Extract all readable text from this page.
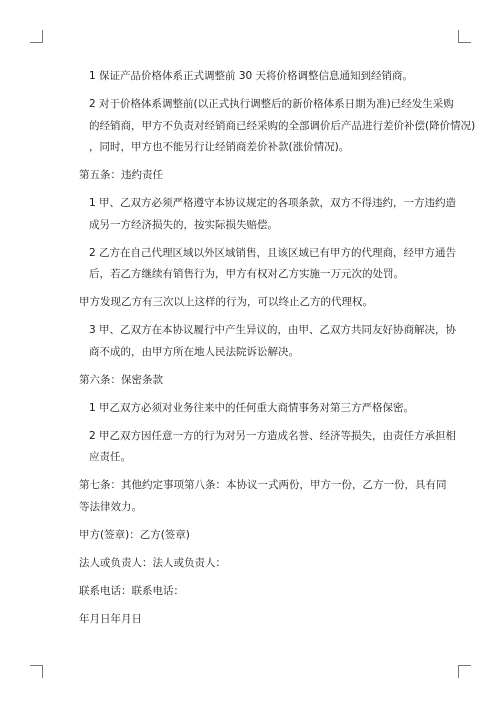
1 保证产品价格体系正式调整前 30 天将价格调整信息通知到经销商。

2 对于价格体系调整前(以正式执行调整后的新价格体系日期为准)已经发生采购
的经销商，甲方不负责对经销商已经采购的全部调价后产品进行差价补偿(降价情况)
，同时，甲方也不能另行让经销商差价补款(涨价情况)。

第五条：违约责任

1 甲、乙双方必须严格遵守本协议规定的各项条款，双方不得违约，一方违约造
成另一方经济损失的，按实际损失赔偿。

2 乙方在自己代理区域以外区域销售，且该区域已有甲方的代理商，经甲方通告
后，若乙方继续有销售行为，甲方有权对乙方实施一万元次的处罚。

甲方发现乙方有三次以上这样的行为，可以终止乙方的代理权。

3 甲、乙双方在本协议履行中产生异议的，由甲、乙双方共同友好协商解决，协
商不成的，由甲方所在地人民法院诉讼解决。

第六条：保密条款

1 甲乙双方必须对业务往来中的任何重大商情事务对第三方严格保密。

2 甲乙双方因任意一方的行为对另一方造成名誉、经济等损失，由责任方承担相
应责任。

第七条：其他约定事项第八条：本协议一式两份，甲方一份，乙方一份，具有同
等法律效力。

甲方(签章)：乙方(签章)

法人或负责人：法人或负责人：

联系电话：联系电话：

年月日年月日
